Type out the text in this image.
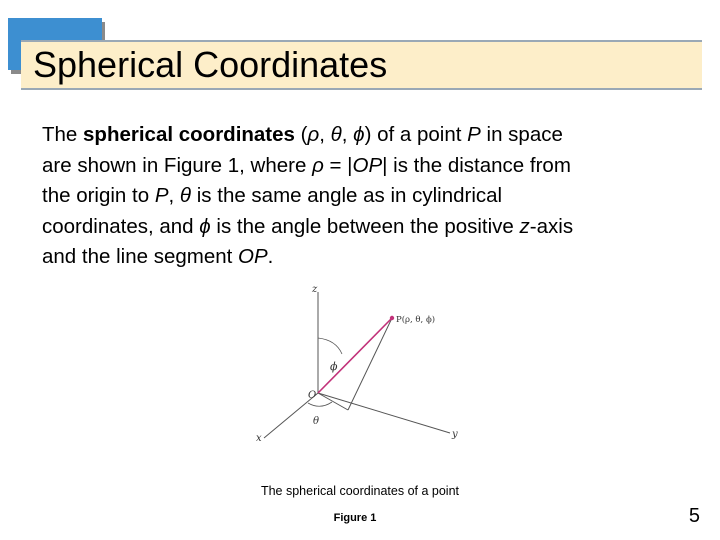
Spherical Coordinates
The spherical coordinates (ρ, θ, ϕ) of a point P in space
are shown in Figure 1, where ρ = |OP| is the distance from
the origin to P, θ is the same angle as in cylindrical
coordinates, and ϕ is the angle between the positive z-axis
and the line segment OP.
z
x	y
O
P(ρ, θ, ϕ)
ϕ
θ
The spherical coordinates of a point
Figure 1	5
